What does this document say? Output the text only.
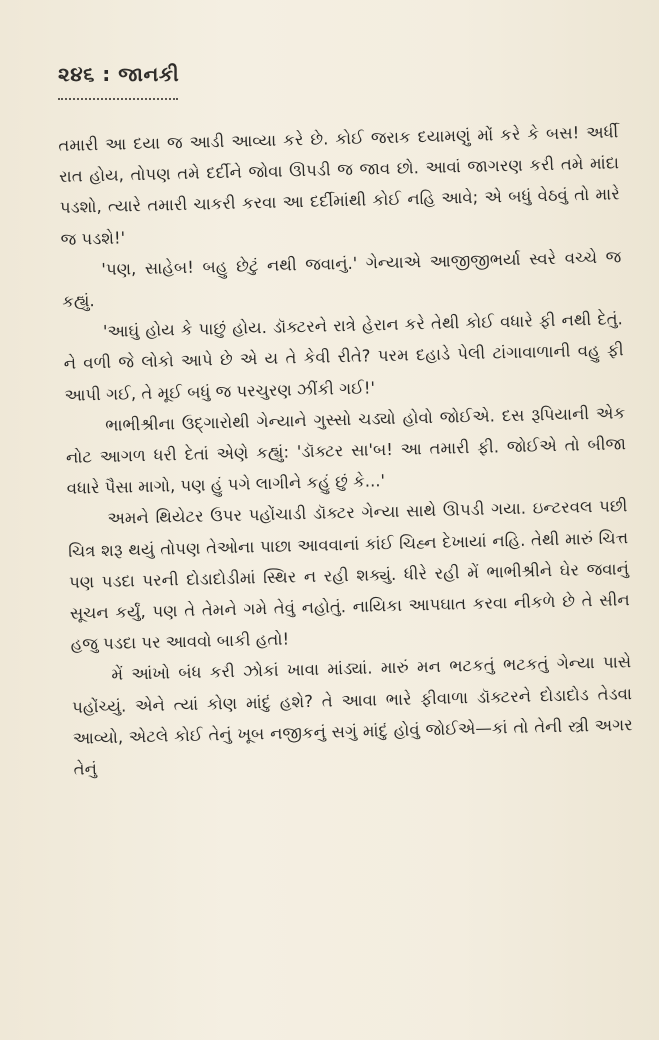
૨૪૬ : જાનકી

તમારી આ દયા જ આડી આવ્યા કરે છે. કોઈ જરાક દયામણું મોં કરે કે બસ! અર્ધી રાત હોય, તોપણ તમે દર્દીને જોવા ઊપડી જ જાવ છો. આવાં જાગરણ કરી તમે માંદા પડશો, ત્યારે તમારી ચાકરી કરવા આ દર્દીમાંથી કોઈ નહિ આવે; એ બધું વેઠવું તો મારે જ પડશે!'

'પણ, સાહેબ! બહુ છેટું નથી જવાનું.' ગેન્યાએ આજીજીભર્યા સ્વરે વચ્ચે જ કહ્યું.

'આઘું હોય કે પાછું હોય. ડૉક્ટરને રાત્રે હેરાન કરે તેથી કોઈ વધારે ફી નથી દેતું. ને વળી જે લોકો આપે છે એ ય તે કેવી રીતે? પરમ દહાડે પેલી ટાંગાવાળાની વહુ ફી આપી ગઈ, તે મૂઈ બધું જ પરચુરણ ઝીંકી ગઈ!'

ભાભીશ્રીના ઉદ્ગારોથી ગેન્યાને ગુસ્સો ચડ્યો હોવો જોઈએ. દસ રૂપિયાની એક નોટ આગળ ધરી દેતાં એણે કહ્યું: 'ડૉક્ટર સા'બ! આ તમારી ફી. જોઈએ તો બીજા વધારે પૈસા માગો, પણ હું પગે લાગીને કહું છું કે...'

અમને થિયેટર ઉપર પહોંચાડી ડૉક્ટર ગેન્યા સાથે ઊપડી ગયા. ઇન્ટરવલ પછી ચિત્ર શરૂ થયું તોપણ તેઓના પાછા આવવાનાં કાંઈ ચિહ્ન દેખાયાં નહિ. તેથી મારું ચિત્ત પણ પડદા પરની દોડાદોડીમાં સ્થિર ન રહી શક્યું. ધીરે રહી મેં ભાભીશ્રીને ઘેર જવાનું સૂચન કર્યું, પણ તે તેમને ગમે તેવું નહોતું. નાયિકા આપઘાત કરવા નીકળે છે તે સીન હજુ પડદા પર આવવો બાકી હતો!

મેં આંખો બંધ કરી ઝોકાં ખાવા માંડ્યાં. મારું મન ભટકતું ભટકતું ગેન્યા પાસે પહોંચ્યું. એને ત્યાં કોણ માંદું હશે? તે આવા ભારે ફીવાળા ડૉક્ટરને દોડાદોડ તેડવા આવ્યો, એટલે કોઈ તેનું ખૂબ નજીકનું સગું માંદું હોવું જોઈએ—કાં તો તેની સ્ત્રી અગર તેનું
